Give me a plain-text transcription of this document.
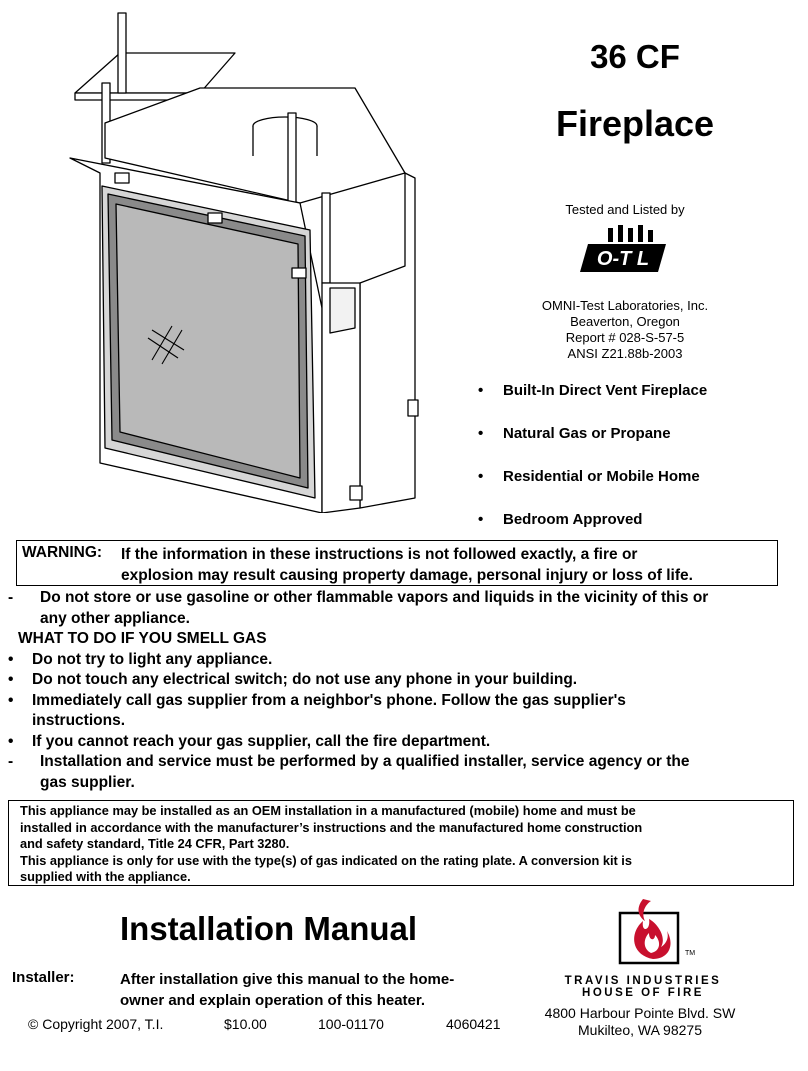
36 CF
Fireplace
Tested and Listed by
O-T L
OMNI-Test Laboratories, Inc.
Beaverton, Oregon
Report # 028-S-57-5
ANSI Z21.88b-2003
•	Built-In Direct Vent Fireplace
•	Natural Gas or Propane
•	Residential or Mobile Home
•	Bedroom Approved
WARNING: If the information in these instructions is not followed exactly, a fire or
explosion may result causing property damage, personal injury or loss of life.
-	Do not store or use gasoline or other flammable vapors and liquids in the vicinity of this or
any other appliance.
WHAT TO DO IF YOU SMELL GAS
•	Do not try to light any appliance.
•	Do not touch any electrical switch; do not use any phone in your building.
•	Immediately call gas supplier from a neighbor's phone. Follow the gas supplier's
instructions.
•	If you cannot reach your gas supplier, call the fire department.
-	Installation and service must be performed by a qualified installer, service agency or the
gas supplier.
This appliance may be installed as an OEM installation in a manufactured (mobile) home and must be
installed in accordance with the manufacturer’s instructions and the manufactured home construction
and safety standard, Title 24 CFR, Part 3280.
This appliance is only for use with the type(s) of gas indicated on the rating plate. A conversion kit is
supplied with the appliance.
Installation Manual
Installer:	After installation give this manual to the home-
owner and explain operation of this heater.
© Copyright 2007, T.I.	$10.00	100-01170	4060421
TM
TRAVIS INDUSTRIES
HOUSE OF FIRE
4800 Harbour Pointe Blvd. SW
Mukilteo, WA 98275
